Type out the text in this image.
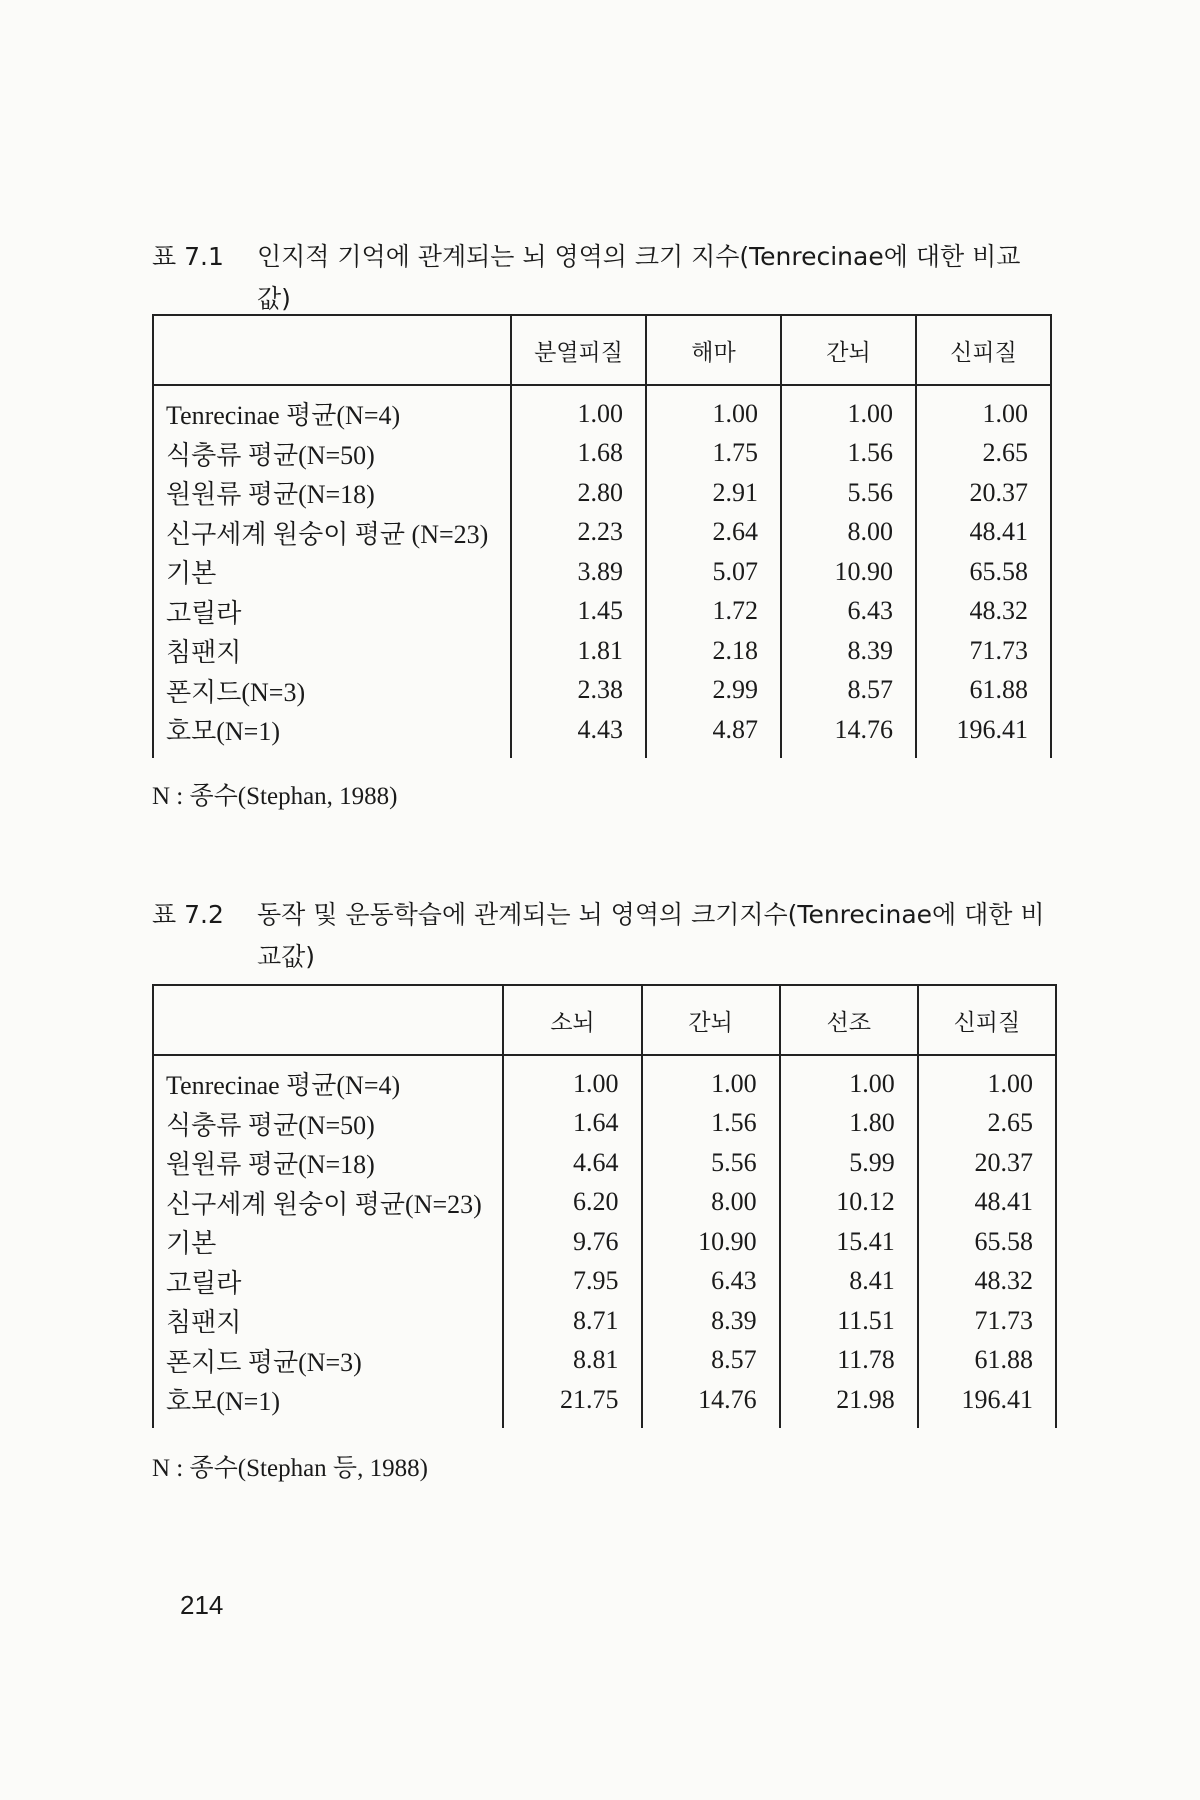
표 7.1 인지적 기억에 관계되는 뇌 영역의 크기 지수(Tenrecinae에 대한 비교
값)
	분열피질	해마	간뇌	신피질
Tenrecinae 평균(N=4)	1.00	1.00	1.00	1.00
식충류 평균(N=50)	1.68	1.75	1.56	2.65
원원류 평균(N=18)	2.80	2.91	5.56	20.37
신구세계 원숭이 평균 (N=23)	2.23	2.64	8.00	48.41
기본	3.89	5.07	10.90	65.58
고릴라	1.45	1.72	6.43	48.32
침팬지	1.81	2.18	8.39	71.73
폰지드(N=3)	2.38	2.99	8.57	61.88
호모(N=1)	4.43	4.87	14.76	196.41
N : 종수(Stephan, 1988)
표 7.2 동작 및 운동학습에 관계되는 뇌 영역의 크기지수(Tenrecinae에 대한 비
교값)
	소뇌	간뇌	선조	신피질
Tenrecinae 평균(N=4)	1.00	1.00	1.00	1.00
식충류 평균(N=50)	1.64	1.56	1.80	2.65
원원류 평균(N=18)	4.64	5.56	5.99	20.37
신구세계 원숭이 평균(N=23)	6.20	8.00	10.12	48.41
기본	9.76	10.90	15.41	65.58
고릴라	7.95	6.43	8.41	48.32
침팬지	8.71	8.39	11.51	71.73
폰지드 평균(N=3)	8.81	8.57	11.78	61.88
호모(N=1)	21.75	14.76	21.98	196.41
N : 종수(Stephan 등, 1988)
214
